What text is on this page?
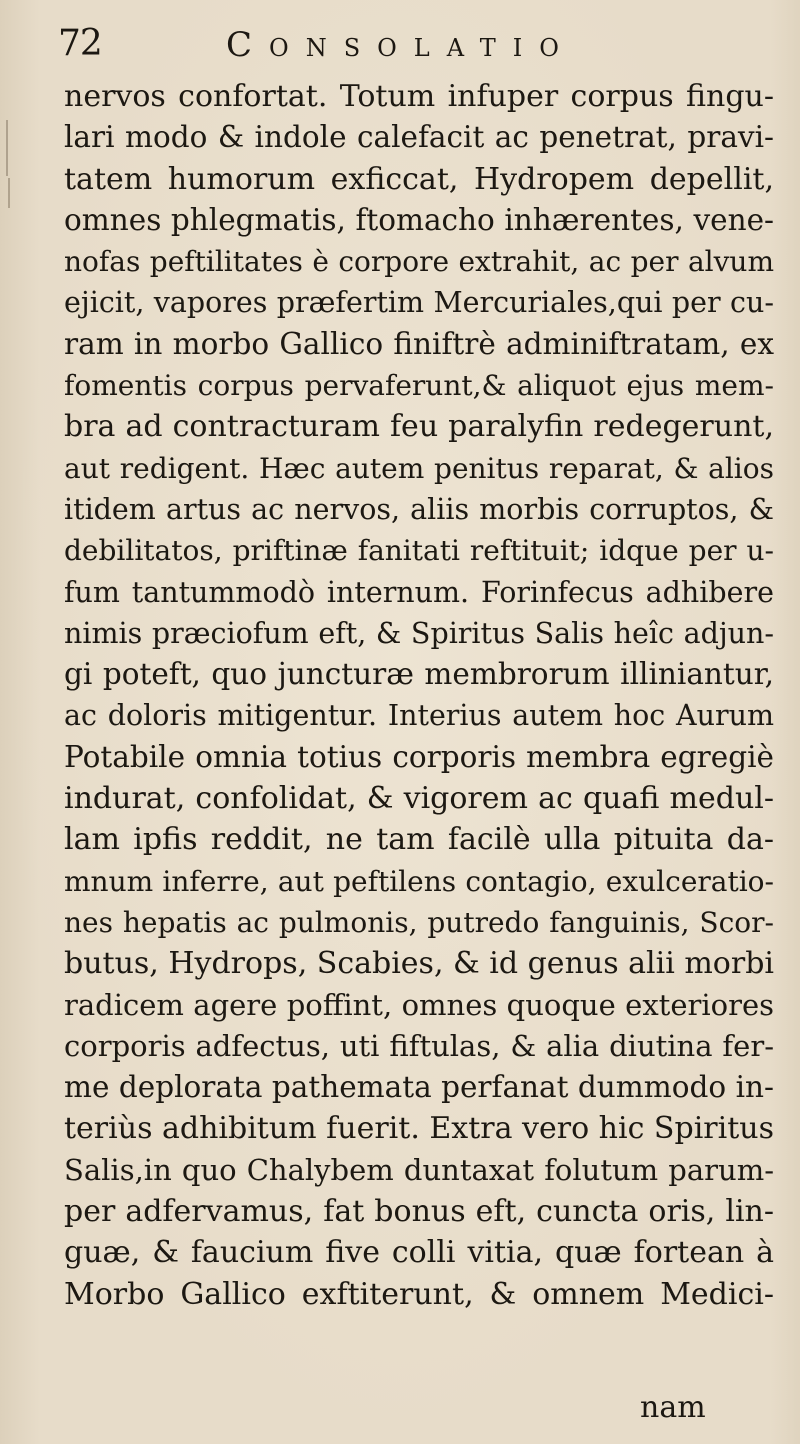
72	Consolatio
nervos confortat. Totum infuper corpus fingu-
lari modo & indole calefacit ac penetrat, pravi-
tatem humorum exficcat, Hydropem depellit,
omnes phlegmatis, ftomacho inhærentes, vene-
nofas peftilitates è corpore extrahit, ac per alvum
ejicit, vapores præfertim Mercuriales,qui per cu-
ram in morbo Gallico finiftrè adminiftratam, ex
fomentis corpus pervaferunt,& aliquot ejus mem-
bra ad contracturam feu paralyfin redegerunt,
aut redigent. Hæc autem penitus reparat, & alios
itidem artus ac nervos, aliis morbis corruptos, &
debilitatos, priftinæ fanitati reftituit; idque per u-
fum tantummodò internum. Forinfecus adhibere
nimis præciofum eft, & Spiritus Salis heîc adjun-
gi poteft, quo juncturæ membrorum illiniantur,
ac doloris mitigentur. Interius autem hoc Aurum
Potabile omnia totius corporis membra egregiè
indurat, confolidat, & vigorem ac quafi medul-
lam ipfis reddit, ne tam facilè ulla pituita da-
mnum inferre, aut peftilens contagio, exulceratio-
nes hepatis ac pulmonis, putredo fanguinis, Scor-
butus, Hydrops, Scabies, & id genus alii morbi
radicem agere poffint, omnes quoque exteriores
corporis adfectus, uti fiftulas, & alia diutina fer-
me deplorata pathemata perfanat dummodo in-
teriùs adhibitum fuerit. Extra vero hic Spiritus
Salis,in quo Chalybem duntaxat folutum parum-
per adfervamus, fat bonus eft, cuncta oris, lin-
guæ, & faucium five colli vitia, quæ fortean à
Morbo Gallico exftiterunt, & omnem Medici-
nam
